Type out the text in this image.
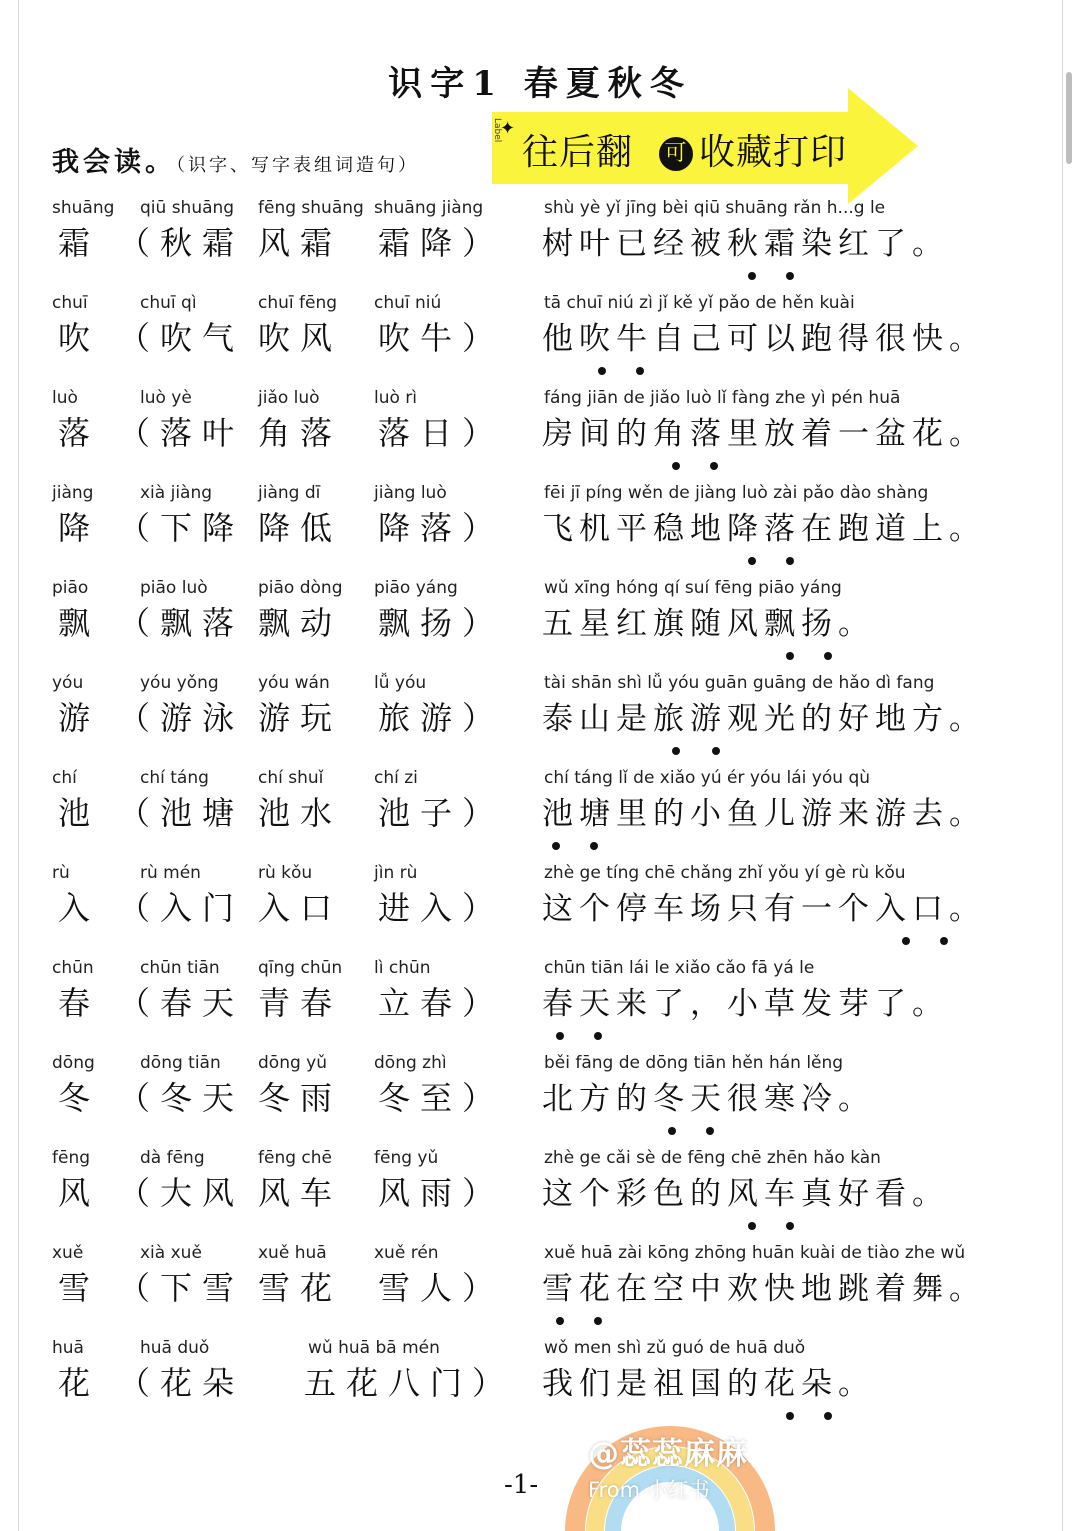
识字1 春夏秋冬
我会读。（识字、写字表组词造句）	往后翻 可 收藏打印
Label
✦
shuāng
霜
qiū shuāng
（秋霜
fēng shuāng
风霜
shuāng jiàng
霜降）
shù yè yǐ jīng bèi qiū shuāng rǎn h...g le
树叶已经被秋霜染红了。
chuī
吹
chuī qì
（吹气
chuī fēng
吹风
chuī niú
吹牛）
tā chuī niú zì jǐ kě yǐ pǎo de hěn kuài
他吹牛自己可以跑得很快。
luò
落
luò yè
（落叶
jiǎo luò
角落
luò rì
落日）
fáng jiān de jiǎo luò lǐ fàng zhe yì pén huā
房间的角落里放着一盆花。
jiàng
降
xià jiàng
（下降
jiàng dī
降低
jiàng luò
降落）
fēi jī píng wěn de jiàng luò zài pǎo dào shàng
飞机平稳地降落在跑道上。
piāo
飘
piāo luò
（飘落
piāo dòng
飘动
piāo yáng
飘扬）
wǔ xīng hóng qí suí fēng piāo yáng
五星红旗随风飘扬。
yóu
游
yóu yǒng
（游泳
yóu wán
游玩
lǚ yóu
旅游）
tài shān shì lǚ yóu guān guāng de hǎo dì fang
泰山是旅游观光的好地方。
chí
池
chí táng
（池塘
chí shuǐ
池水
chí zi
池子）
chí táng lǐ de xiǎo yú ér yóu lái yóu qù
池塘里的小鱼儿游来游去。
rù
入
rù mén
（入门
rù kǒu
入口
jìn rù
进入）
zhè ge tíng chē chǎng zhǐ yǒu yí gè rù kǒu
这个停车场只有一个入口。
chūn
春
chūn tiān
（春天
qīng chūn
青春
lì chūn
立春）
chūn tiān lái le xiǎo cǎo fā yá le
春天来了，小草发芽了。
dōng
冬
dōng tiān
（冬天
dōng yǔ
冬雨
dōng zhì
冬至）
běi fāng de dōng tiān hěn hán lěng
北方的冬天很寒冷。
fēng
风
dà fēng
（大风
fēng chē
风车
fēng yǔ
风雨）
zhè ge cǎi sè de fēng chē zhēn hǎo kàn
这个彩色的风车真好看。
xuě
雪
xià xuě
（下雪
xuě huā
雪花
xuě rén
雪人）
xuě huā zài kōng zhōng huān kuài de tiào zhe wǔ
雪花在空中欢快地跳着舞。
huā
花
huā duǒ
（花朵
wǔ huā bā mén
五花八门）
wǒ men shì zǔ guó de huā duǒ
我们是祖国的花朵。
-1-
@蕊蕊麻麻
From 小红书
